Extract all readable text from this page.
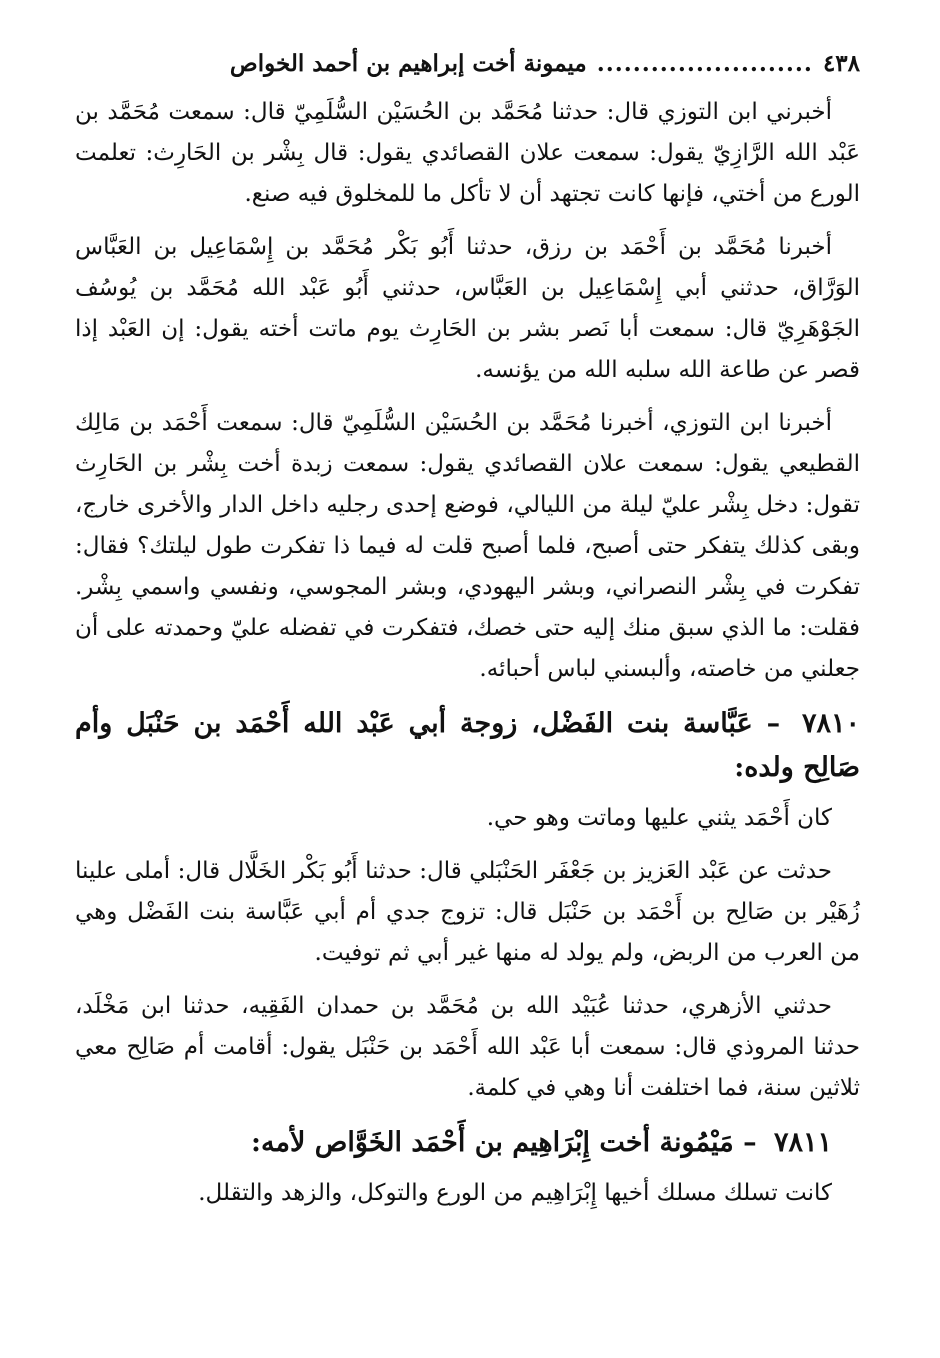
٤٣٨
........................
ميمونة أخت إبراهيم بن أحمد الخواص

أخبرني ابن التوزي قال: حدثنا مُحَمَّد بن الحُسَيْن السُّلَمِيّ قال: سمعت مُحَمَّد بن عَبْد الله الرَّازِيّ يقول: سمعت علان القصائدي يقول: قال بِشْر بن الحَارِث: تعلمت الورع من أختي، فإنها كانت تجتهد أن لا تأكل ما للمخلوق فيه صنع.

أخبرنا مُحَمَّد بن أَحْمَد بن رزق، حدثنا أَبُو بَكْر مُحَمَّد بن إِسْمَاعِيل بن العَبَّاس الوَرَّاق، حدثني أبي إِسْمَاعِيل بن العَبَّاس، حدثني أَبُو عَبْد الله مُحَمَّد بن يُوسُف الجَوْهَرِيّ قال: سمعت أبا نَصر بشر بن الحَارِث يوم ماتت أخته يقول: إن العَبْد إذا قصر عن طاعة الله سلبه الله من يؤنسه.

أخبرنا ابن التوزي، أخبرنا مُحَمَّد بن الحُسَيْن السُّلَمِيّ قال: سمعت أَحْمَد بن مَالِك القطيعي يقول: سمعت علان القصائدي يقول: سمعت زبدة أخت بِشْر بن الحَارِث تقول: دخل بِشْر عليّ ليلة من الليالي، فوضع إحدى رجليه داخل الدار والأخرى خارج، وبقى كذلك يتفكر حتى أصبح، فلما أصبح قلت له فيما ذا تفكرت طول ليلتك؟ فقال: تفكرت في بِشْر النصراني، وبشر اليهودي، وبشر المجوسي، ونفسي واسمي بِشْر. فقلت: ما الذي سبق منك إليه حتى خصك، فتفكرت في تفضله عليّ وحمدته على أن جعلني من خاصته، وألبسني لباس أحبائه.

٧٨١٠ – عَبَّاسة بنت الفَضْل، زوجة أبي عَبْد الله أَحْمَد بن حَنْبَل وأم صَالِح ولده:

كان أَحْمَد يثني عليها وماتت وهو حي.

حدثت عن عَبْد العَزيز بن جَعْفَر الحَنْبَلي قال: حدثنا أَبُو بَكْر الخَلَّال قال: أملى علينا زُهَيْر بن صَالِح بن أَحْمَد بن حَنْبَل قال: تزوج جدي أم أبي عَبَّاسة بنت الفَضْل وهي من العرب من الربض، ولم يولد له منها غير أبي ثم توفيت.

حدثني الأزهري، حدثنا عُبَيْد الله بن مُحَمَّد بن حمدان الفَقِيه، حدثنا ابن مَخْلَد، حدثنا المروذي قال: سمعت أبا عَبْد الله أَحْمَد بن حَنْبَل يقول: أقامت أم صَالِح معي ثلاثين سنة، فما اختلفت أنا وهي في كلمة.

٧٨١١ – مَيْمُونة أخت إِبْرَاهِيم بن أَحْمَد الخَوَّاص لأمه:

كانت تسلك مسلك أخيها إِبْرَاهِيم من الورع والتوكل، والزهد والتقلل.
